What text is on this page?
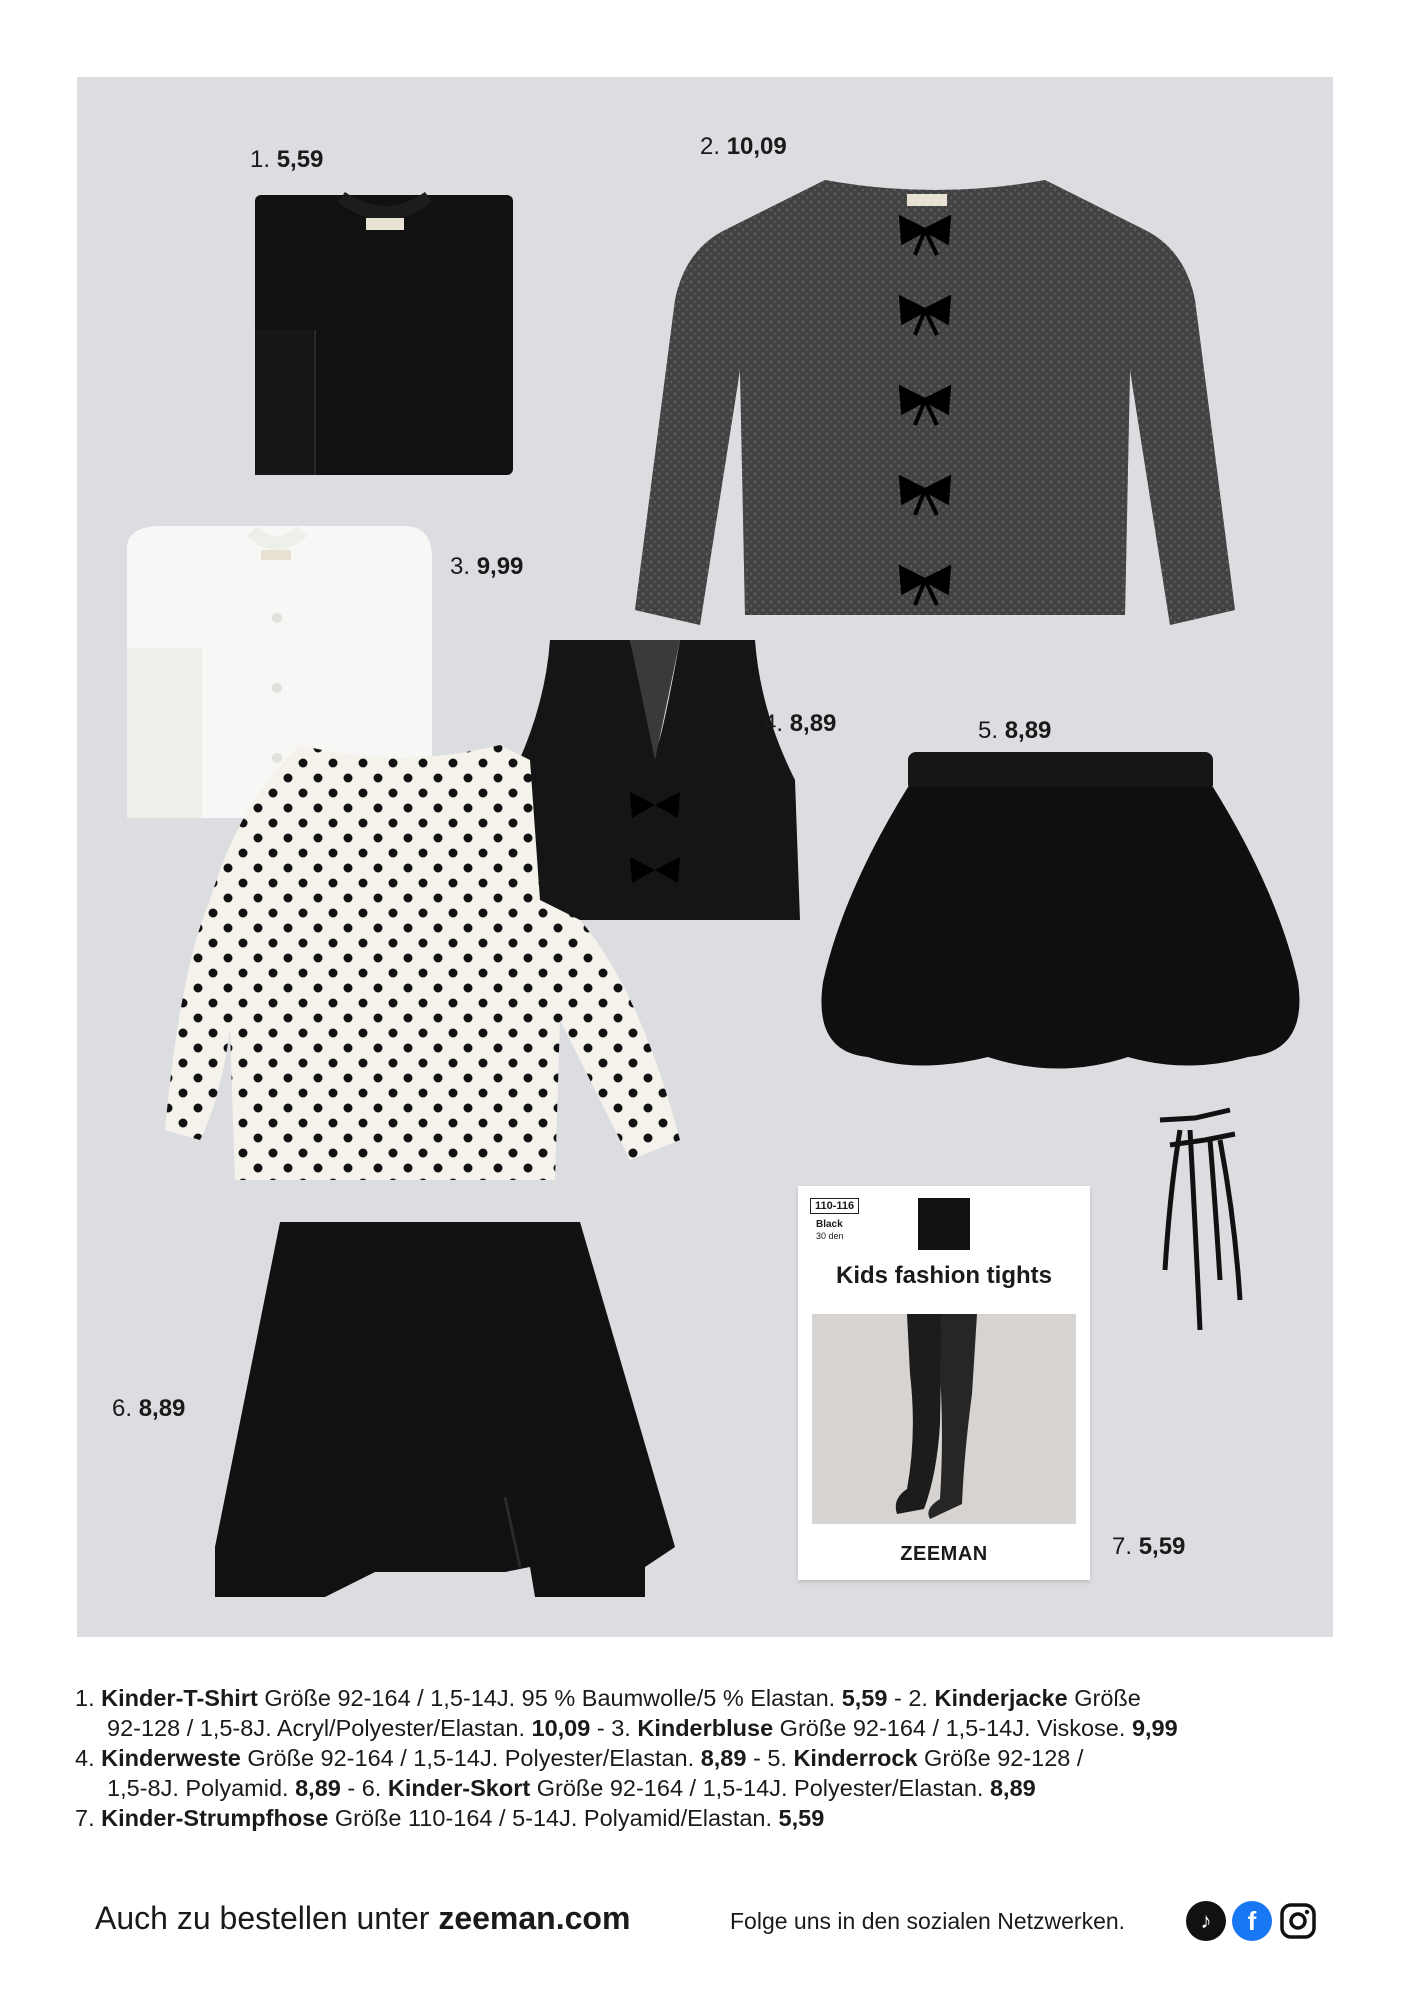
1. 5,59	2. 10,09
3. 9,99
4. 8,89	5. 8,89
6. 8,89
110-116
Black
30 den
Kids fashion tights
ZEEMAN	7. 5,59
1. Kinder-T-Shirt Größe 92-164 / 1,5-14J. 95 % Baumwolle/5 % Elastan. 5,59 - 2. Kinderjacke Größe
92-128 / 1,5-8J. Acryl/Polyester/Elastan. 10,09 - 3. Kinderbluse Größe 92-164 / 1,5-14J. Viskose. 9,99
4. Kinderweste Größe 92-164 / 1,5-14J. Polyester/Elastan. 8,89 - 5. Kinderrock Größe 92-128 /
1,5-8J. Polyamid. 8,89 - 6. Kinder-Skort Größe 92-164 / 1,5-14J. Polyester/Elastan. 8,89
7. Kinder-Strumpfhose Größe 110-164 / 5-14J. Polyamid/Elastan. 5,59
Auch zu bestellen unter zeeman.com	Folge uns in den sozialen Netzwerken.	♪	f
